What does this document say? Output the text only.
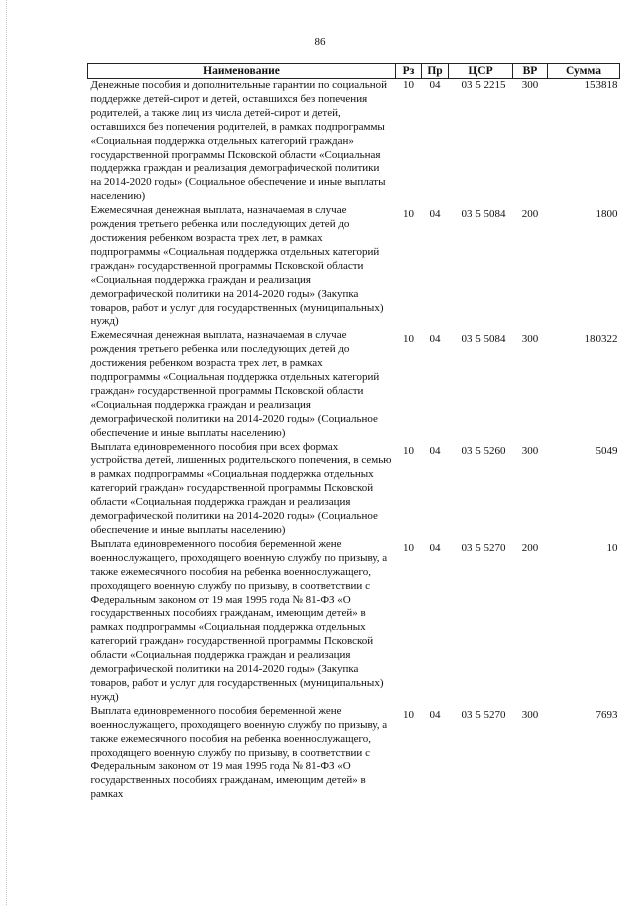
86
Наименование	Рз	Пр	ЦСР	ВР	Сумма
Денежные пособия и дополнительные гарантии по социальной поддержке детей-сирот и детей, оставшихся без попечения родителей, а также лиц из числа детей-сирот и детей, оставшихся без попечения родителей, в рамках подпрограммы «Социальная поддержка отдельных категорий граждан» государственной программы Псковской области «Социальная поддержка граждан и реализация демографической политики на 2014-2020 годы» (Социальное обеспечение и иные выплаты населению)	10	04	03 5 2215	300	153818
Ежемесячная денежная выплата, назначаемая в случае рождения третьего ребенка или последующих детей до достижения ребенком возраста трех лет, в рамках подпрограммы «Социальная поддержка отдельных категорий граждан» государственной программы Псковской области «Социальная поддержка граждан и реализация демографической политики на 2014-2020 годы» (Закупка товаров, работ и услуг для государственных (муниципальных) нужд)	10	04	03 5 5084	200	1800
Ежемесячная денежная выплата, назначаемая в случае рождения третьего ребенка или последующих детей до достижения ребенком возраста трех лет, в рамках подпрограммы «Социальная поддержка отдельных категорий граждан» государственной программы Псковской области «Социальная поддержка граждан и реализация демографической политики на 2014-2020 годы» (Социальное обеспечение и иные выплаты населению)	10	04	03 5 5084	300	180322
Выплата единовременного пособия при всех формах устройства детей, лишенных родительского попечения, в семью в рамках подпрограммы «Социальная поддержка отдельных категорий граждан» государственной программы Псковской области «Социальная поддержка граждан и реализация демографической политики на 2014-2020 годы» (Социальное обеспечение и иные выплаты населению)	10	04	03 5 5260	300	5049
Выплата единовременного пособия беременной жене военнослужащего, проходящего военную службу по призыву, а также ежемесячного пособия на ребенка военнослужащего, проходящего военную службу по призыву, в соответствии с Федеральным законом от 19 мая 1995 года № 81-ФЗ «О государственных пособиях гражданам, имеющим детей» в рамках подпрограммы «Социальная поддержка отдельных категорий граждан» государственной программы Псковской области «Социальная поддержка граждан и реализация демографической политики на 2014-2020 годы» (Закупка товаров, работ и услуг для государственных (муниципальных) нужд)	10	04	03 5 5270	200	10
Выплата единовременного пособия беременной жене военнослужащего, проходящего военную службу по призыву, а также ежемесячного пособия на ребенка военнослужащего, проходящего военную службу по призыву, в соответствии с Федеральным законом от 19 мая 1995 года № 81-ФЗ «О государственных пособиях гражданам, имеющим детей» в рамках	10	04	03 5 5270	300	7693
